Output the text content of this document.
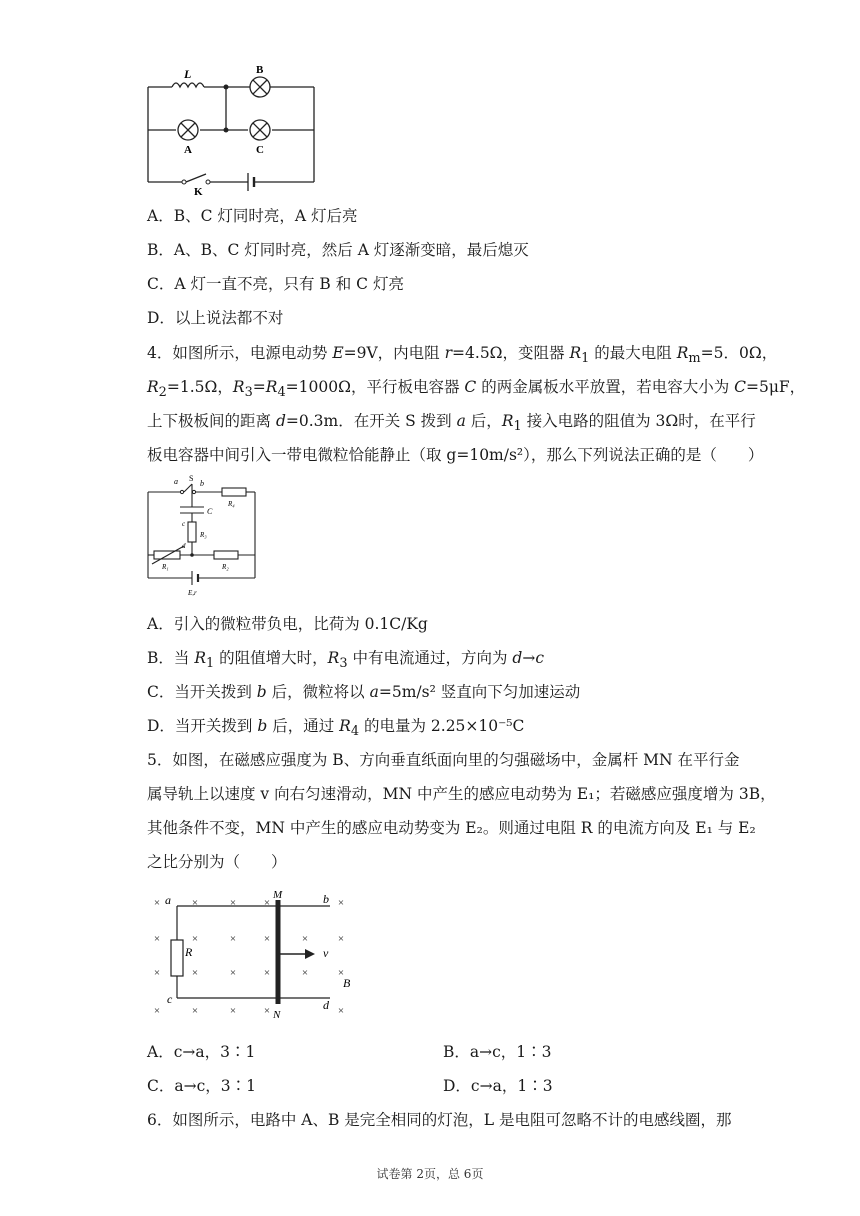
L	B
A	C
K
A．B、C 灯同时亮，A 灯后亮
B．A、B、C 灯同时亮，然后 A 灯逐渐变暗，最后熄灭
C．A 灯一直不亮，只有 B 和 C 灯亮
D．以上说法都不对
4．如图所示，电源电动势 E=9V，内电阻 r=4.5Ω，变阻器 $R_1$ 的最大电阻 $R_m=5$．0Ω，
$R_2=1.5\Omega$，$R_3=R_4=1000\Omega$，平行板电容器 C 的两金属板水平放置，若电容大小为 C=5μF，
上下极板间的距离 d=0.3m．在开关 S 拨到 a 后，$R_1$ 接入电路的阻值为 3Ω时，在平行
板电容器中间引入一带电微粒恰能静止（取 g=10m/s²），那么下列说法正确的是（　　）
a S
b
R₄
C
c
R₃
d
R₁	R₂
E,r
A．引入的微粒带负电，比荷为 0.1C/Kg
B．当 $R_1$ 的阻值增大时，$R_3$ 中有电流通过，方向为 d→c
C．当开关拨到 b 后，微粒将以 a=5m/s² 竖直向下匀加速运动
D．当开关拨到 b 后，通过 $R_4$ 的电量为 2.25×10⁻⁵C
5．如图，在磁感应强度为 B、方向垂直纸面向里的匀强磁场中，金属杆 MN 在平行金
属导轨上以速度 v 向右匀速滑动，MN 中产生的感应电动势为 E₁；若磁感应强度增为 3B，
其他条件不变，MN 中产生的感应电动势变为 E₂。则通过电阻 R 的电流方向及 E₁ 与 E₂
之比分别为（　　）
×	×	×	×	×
×	×	×	×	×	×
×	×	×	×	×	×
×	×	×	×	×
a	M	b
R	v
B
c
N
d
A．c→a，3∶1	B．a→c，1∶3
C．a→c，3∶1	D．c→a，1∶3
6．如图所示，电路中 A、B 是完全相同的灯泡，L 是电阻可忽略不计的电感线圈，那
试卷第 2页，总 6页
